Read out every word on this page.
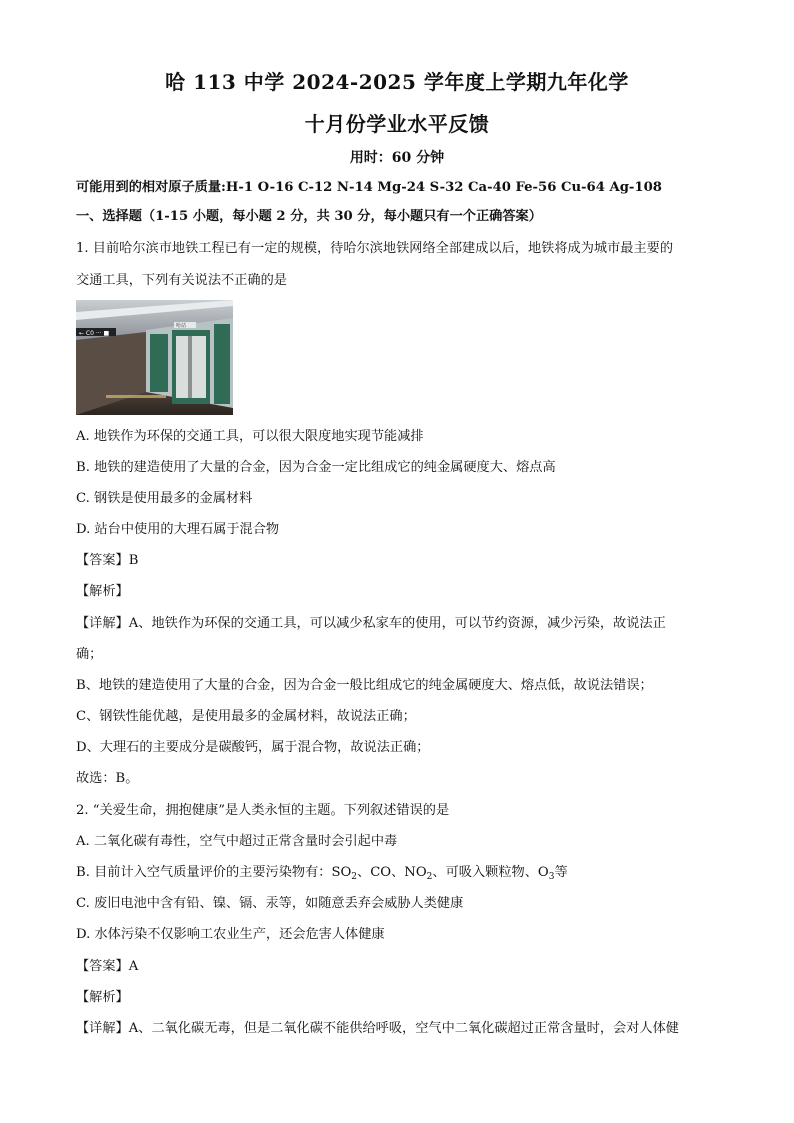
哈 113 中学 2024-2025 学年度上学期九年化学
十月份学业水平反馈
用时：60 分钟
可能用到的相对原子质量:H-1 O-16 C-12 N-14 Mg-24 S-32 Ca-40 Fe-56 Cu-64 Ag-108
一、选择题（1-15 小题，每小题 2 分，共 30 分，每小题只有一个正确答案）
1. 目前哈尔滨市地铁工程已有一定的规模，待哈尔滨地铁网络全部建成以后，地铁将成为城市最主要的
交通工具，下列有关说法不正确的是
← C0 ··· ■
哈站
A. 地铁作为环保的交通工具，可以很大限度地实现节能减排
B. 地铁的建造使用了大量的合金，因为合金一定比组成它的纯金属硬度大、熔点高
C. 钢铁是使用最多的金属材料
D. 站台中使用的大理石属于混合物
【答案】B
【解析】
【详解】A、地铁作为环保的交通工具，可以减少私家车的使用，可以节约资源，减少污染，故说法正
确；
B、地铁的建造使用了大量的合金，因为合金一般比组成它的纯金属硬度大、熔点低，故说法错误；
C、钢铁性能优越，是使用最多的金属材料，故说法正确；
D、大理石的主要成分是碳酸钙，属于混合物，故说法正确；
故选：B。
2. “关爱生命，拥抱健康”是人类永恒的主题。下列叙述错误的是
A. 二氧化碳有毒性，空气中超过正常含量时会引起中毒
B. 目前计入空气质量评价的主要污染物有：$SO_2$、CO、$NO_2$、可吸入颗粒物、$O_3$等
C. 废旧电池中含有铅、镍、镉、汞等，如随意丢弃会威胁人类健康
D. 水体污染不仅影响工农业生产，还会危害人体健康
【答案】A
【解析】
【详解】A、二氧化碳无毒，但是二氧化碳不能供给呼吸，空气中二氧化碳超过正常含量时，会对人体健
